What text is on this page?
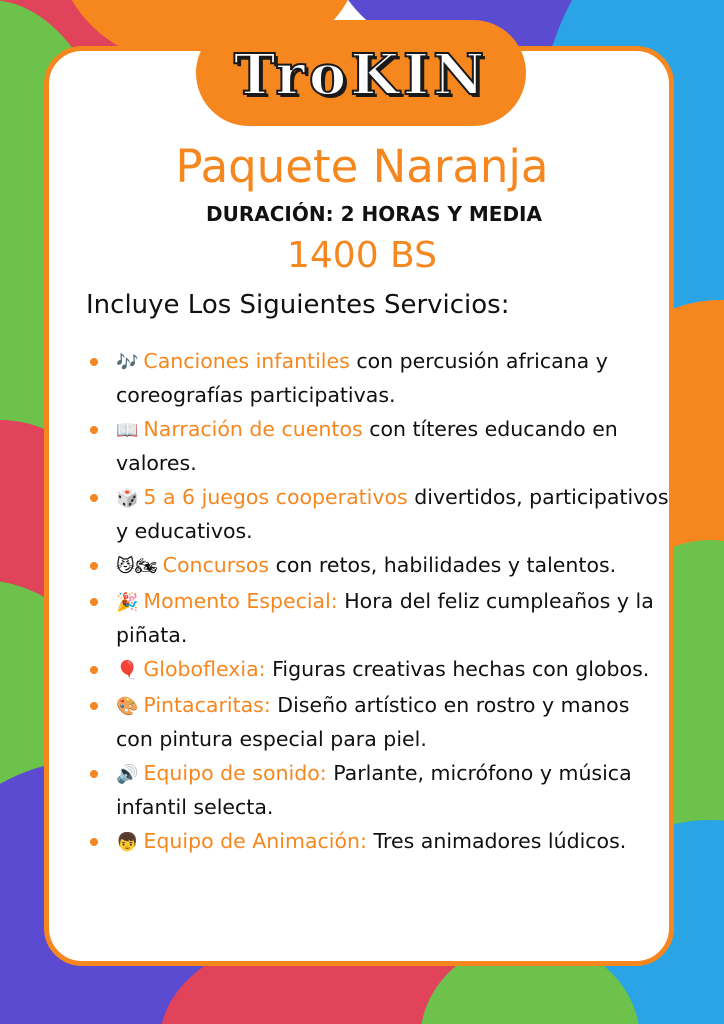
TroKIN
Paquete Naranja
DURACIÓN: 2 HORAS Y MEDIA
1400 BS
Incluye Los Siguientes Servicios:
🎶 Canciones infantiles con percusión africana y coreografías participativas.
📖 Narración de cuentos con títeres educando en valores.
🎲 5 a 6 juegos cooperativos divertidos, participativos y educativos.
😼🏍 Concursos con retos, habilidades y talentos.
🎉 Momento Especial: Hora del feliz cumpleaños y la piñata.
🎈 Globoflexia: Figuras creativas hechas con globos.
🎨 Pintacaritas: Diseño artístico en rostro y manos con pintura especial para piel.
🔊 Equipo de sonido: Parlante, micrófono y música infantil selecta.
👦 Equipo de Animación: Tres animadores lúdicos.
